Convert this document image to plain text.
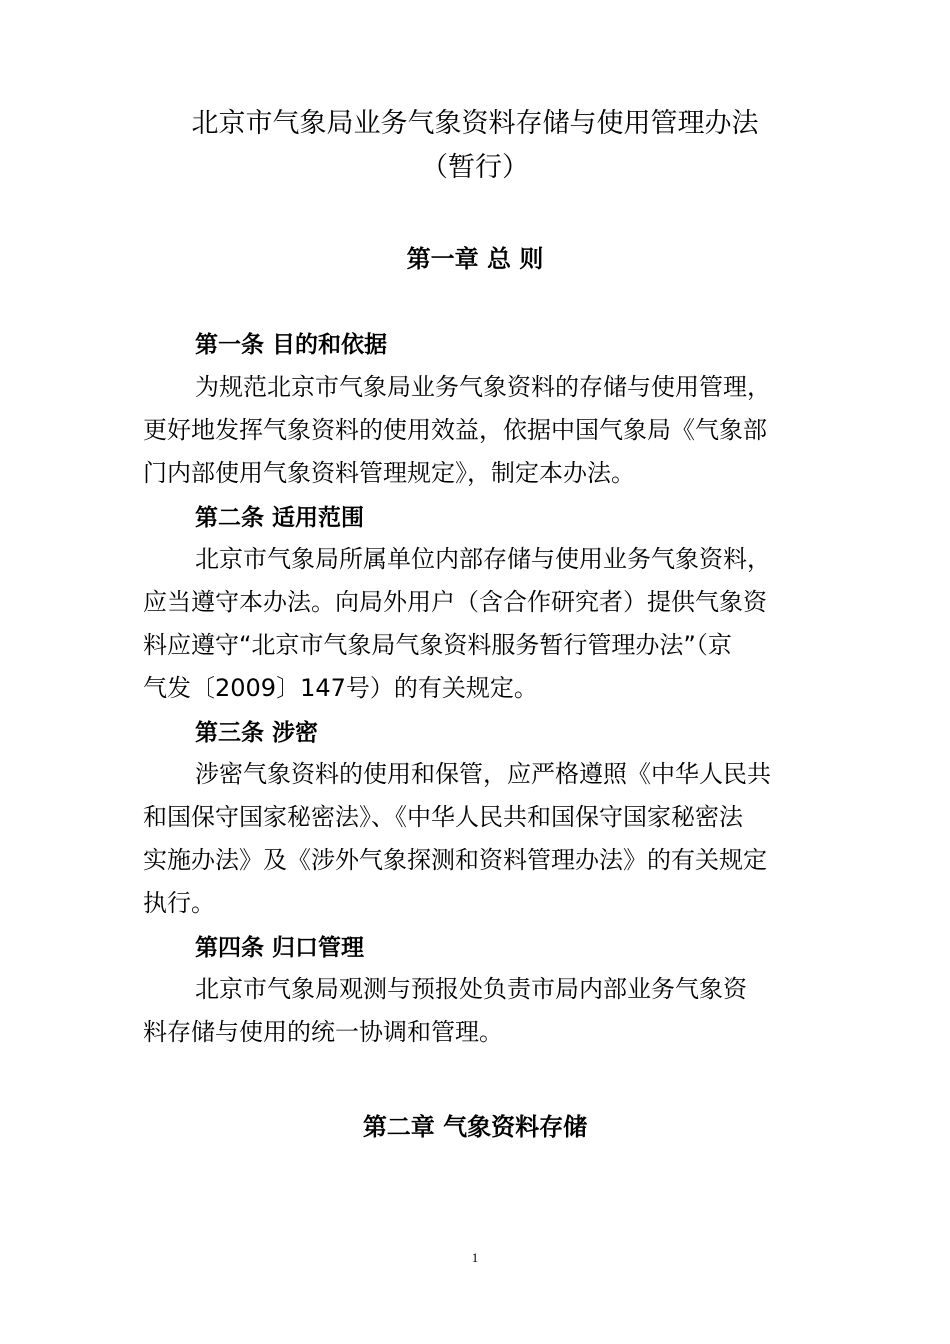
北京市气象局业务气象资料存储与使用管理办法
（暂行）
第一章 总 则
第一条 目的和依据
为规范北京市气象局业务气象资料的存储与使用管理，
更好地发挥气象资料的使用效益，依据中国气象局《气象部
门内部使用气象资料管理规定》，制定本办法。
第二条 适用范围
北京市气象局所属单位内部存储与使用业务气象资料，
应当遵守本办法。向局外用户（含合作研究者）提供气象资
料应遵守“北京市气象局气象资料服务暂行管理办法”（京
气发〔2009〕147号）的有关规定。
第三条 涉密
涉密气象资料的使用和保管，应严格遵照《中华人民共
和国保守国家秘密法》、《中华人民共和国保守国家秘密法
实施办法》及《涉外气象探测和资料管理办法》的有关规定
执行。
第四条 归口管理
北京市气象局观测与预报处负责市局内部业务气象资
料存储与使用的统一协调和管理。
第二章 气象资料存储
1
